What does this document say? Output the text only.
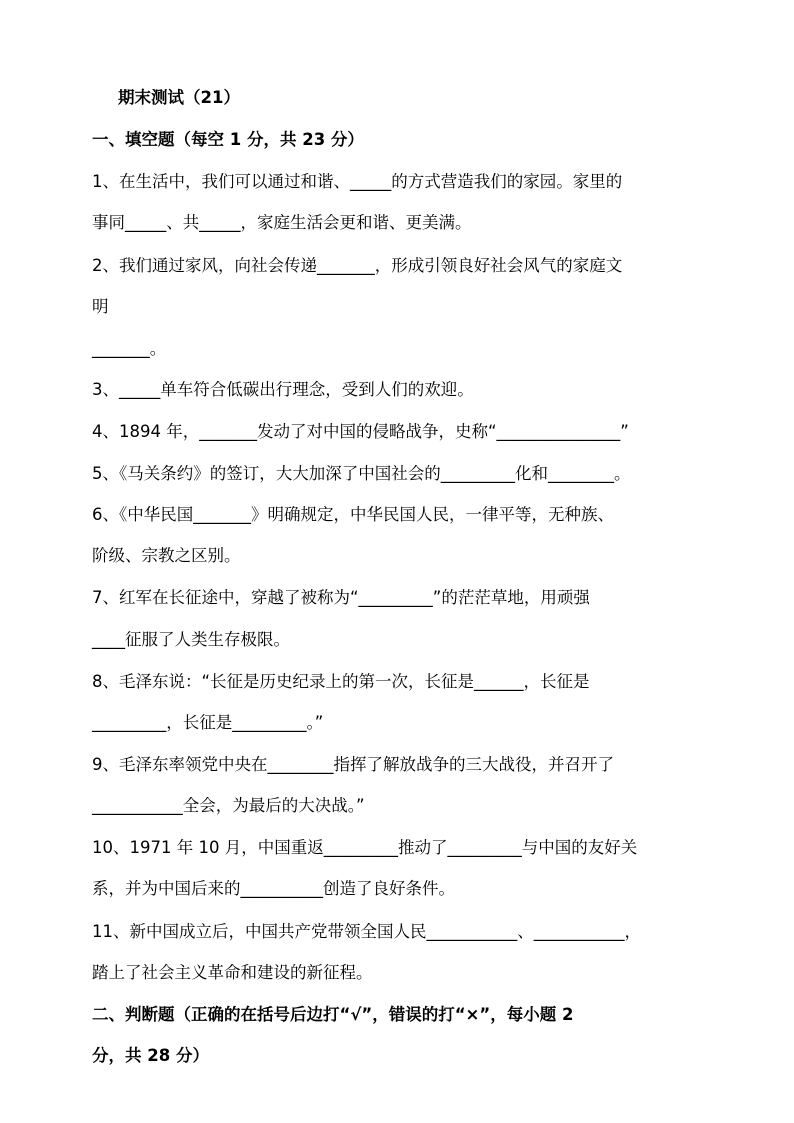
期末测试（21）
一、填空题（每空 1 分，共 23 分）
1、在生活中，我们可以通过和谐、_____的方式营造我们的家园。家里的
事同_____、共_____，家庭生活会更和谐、更美满。
2、我们通过家风，向社会传递_______，形成引领良好社会风气的家庭文
明
_______。
3、_____单车符合低碳出行理念，受到人们的欢迎。
4、1894 年，_______发动了对中国的侵略战争，史称“_______________”
5、《马关条约》的签订，大大加深了中国社会的_________化和________。
6、《中华民国_______》明确规定，中华民国人民，一律平等，无种族、
阶级、宗教之区别。
7、红军在长征途中，穿越了被称为“_________”的茫茫草地，用顽强
____征服了人类生存极限。
8、毛泽东说：“长征是历史纪录上的第一次，长征是______，长征是
_________，长征是_________。”
9、毛泽东率领党中央在________指挥了解放战争的三大战役，并召开了
___________全会，为最后的大决战。”
10、1971 年 10 月，中国重返_________推动了_________与中国的友好关
系，并为中国后来的__________创造了良好条件。
11、新中国成立后，中国共产党带领全国人民___________、___________，
踏上了社会主义革命和建设的新征程。
二、判断题（正确的在括号后边打“√”，错误的打“×”，每小题 2
分，共 28 分）
